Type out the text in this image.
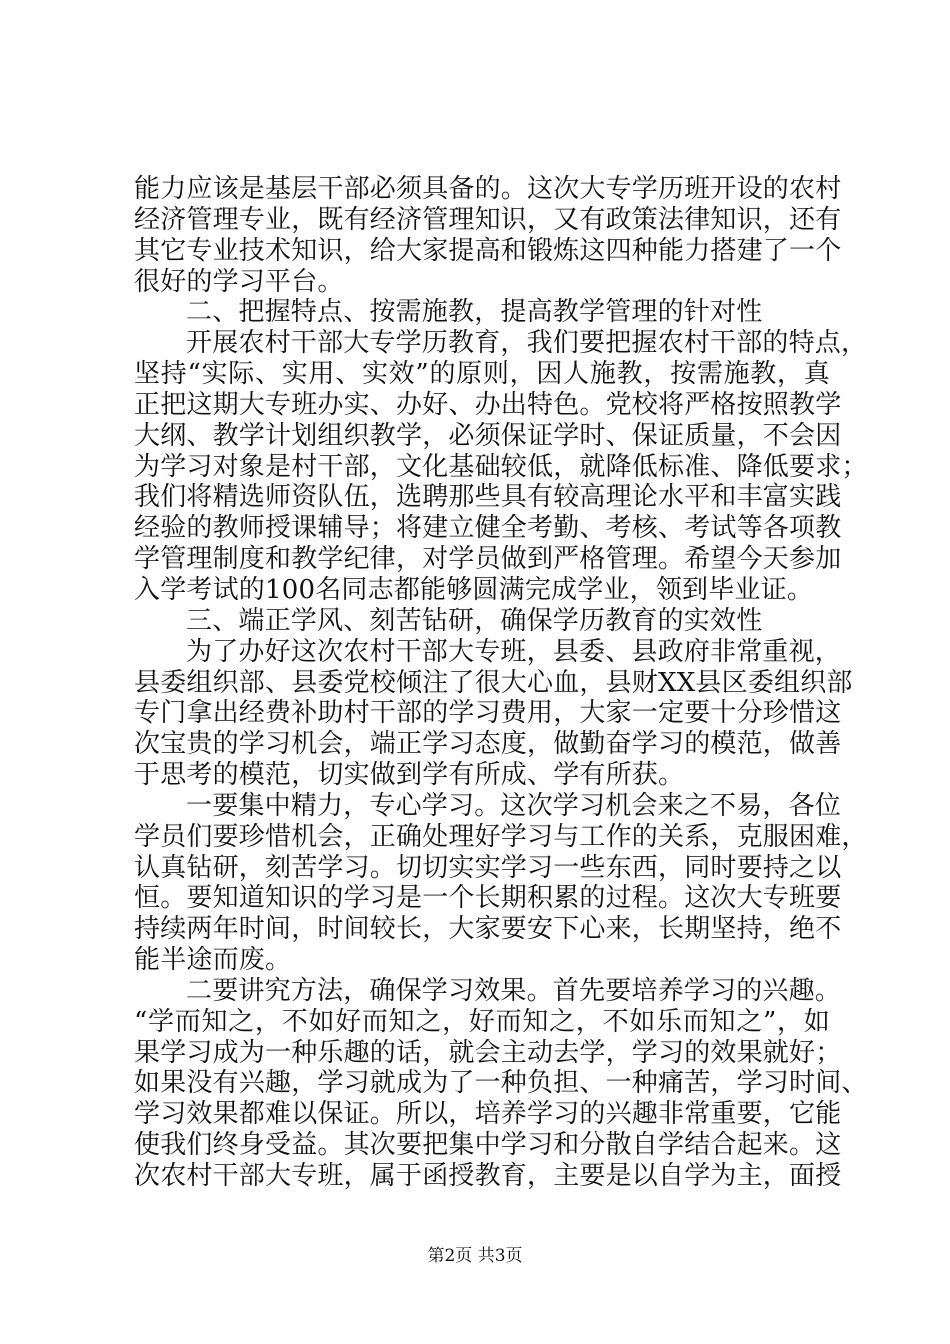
能力应该是基层干部必须具备的。这次大专学历班开设的农村
经济管理专业，既有经济管理知识，又有政策法律知识，还有
其它专业技术知识，给大家提高和锻炼这四种能力搭建了一个
很好的学习平台。
二、把握特点、按需施教，提高教学管理的针对性
开展农村干部大专学历教育，我们要把握农村干部的特点，
坚持“实际、实用、实效”的原则，因人施教，按需施教，真
正把这期大专班办实、办好、办出特色。党校将严格按照教学
大纲、教学计划组织教学，必须保证学时、保证质量，不会因
为学习对象是村干部，文化基础较低，就降低标准、降低要求；
我们将精选师资队伍，选聘那些具有较高理论水平和丰富实践
经验的教师授课辅导；将建立健全考勤、考核、考试等各项教
学管理制度和教学纪律，对学员做到严格管理。希望今天参加
入学考试的100名同志都能够圆满完成学业，领到毕业证。
三、端正学风、刻苦钻研，确保学历教育的实效性
为了办好这次农村干部大专班，县委、县政府非常重视，
县委组织部、县委党校倾注了很大心血，县财XX县区委组织部
专门拿出经费补助村干部的学习费用，大家一定要十分珍惜这
次宝贵的学习机会，端正学习态度，做勤奋学习的模范，做善
于思考的模范，切实做到学有所成、学有所获。
一要集中精力，专心学习。这次学习机会来之不易，各位
学员们要珍惜机会，正确处理好学习与工作的关系，克服困难，
认真钻研，刻苦学习。切切实实学习一些东西，同时要持之以
恒。要知道知识的学习是一个长期积累的过程。这次大专班要
持续两年时间，时间较长，大家要安下心来，长期坚持，绝不
能半途而废。
二要讲究方法，确保学习效果。首先要培养学习的兴趣。
“学而知之，不如好而知之，好而知之，不如乐而知之”，如
果学习成为一种乐趣的话，就会主动去学，学习的效果就好；
如果没有兴趣，学习就成为了一种负担、一种痛苦，学习时间、
学习效果都难以保证。所以，培养学习的兴趣非常重要，它能
使我们终身受益。其次要把集中学习和分散自学结合起来。这
次农村干部大专班，属于函授教育，主要是以自学为主，面授
第2页 共3页
